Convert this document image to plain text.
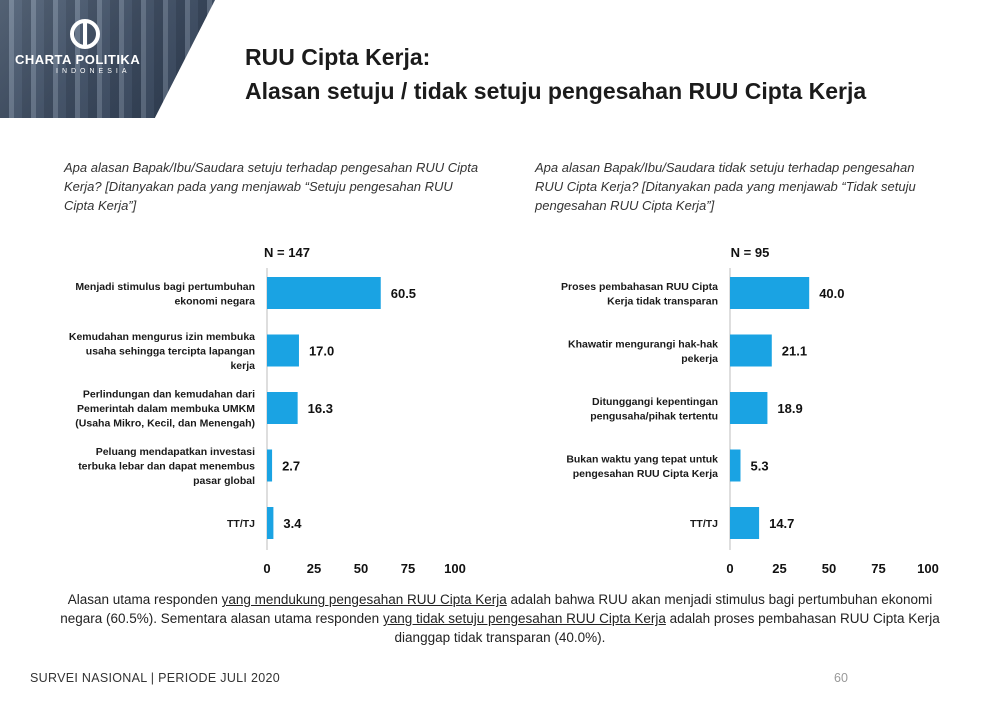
CHARTA POLITIKA
INDONESIA
RUU Cipta Kerja:
Alasan setuju / tidak setuju pengesahan RUU Cipta Kerja
Apa alasan Bapak/Ibu/Saudara setuju terhadap pengesahan RUU Cipta Kerja? [Ditanyakan pada yang menjawab “Setuju pengesahan RUU Cipta Kerja”]
Apa alasan Bapak/Ibu/Saudara tidak setuju terhadap pengesahan RUU Cipta Kerja? [Ditanyakan pada yang menjawab “Tidak setuju pengesahan RUU Cipta Kerja”]
N = 147
60.5
Menjadi stimulus bagi pertumbuhan ekonomi negara
17.0
Kemudahan mengurus izin membuka usaha sehingga tercipta lapangan kerja
16.3
Perlindungan dan kemudahan dari Pemerintah dalam membuka UMKM (Usaha Mikro, Kecil, dan Menengah)
2.7
Peluang mendapatkan investasi terbuka lebar dan dapat menembus pasar global
3.4
TT/TJ
0	25	50	75 100
N = 95
40.0
Proses pembahasan RUU Cipta Kerja tidak transparan
21.1
Khawatir mengurangi hak-hak pekerja
18.9
Ditunggangi kepentingan pengusaha/pihak tertentu
5.3
Bukan waktu yang tepat untuk pengesahan RUU Cipta Kerja
14.7
TT/TJ
0	25	50	75 100
Alasan utama responden yang mendukung pengesahan RUU Cipta Kerja adalah bahwa RUU akan menjadi stimulus bagi pertumbuhan ekonomi negara (60.5%). Sementara alasan utama responden yang tidak setuju pengesahan RUU Cipta Kerja adalah proses pembahasan RUU Cipta Kerja dianggap tidak transparan (40.0%).
SURVEI NASIONAL | PERIODE JULI 2020	60
